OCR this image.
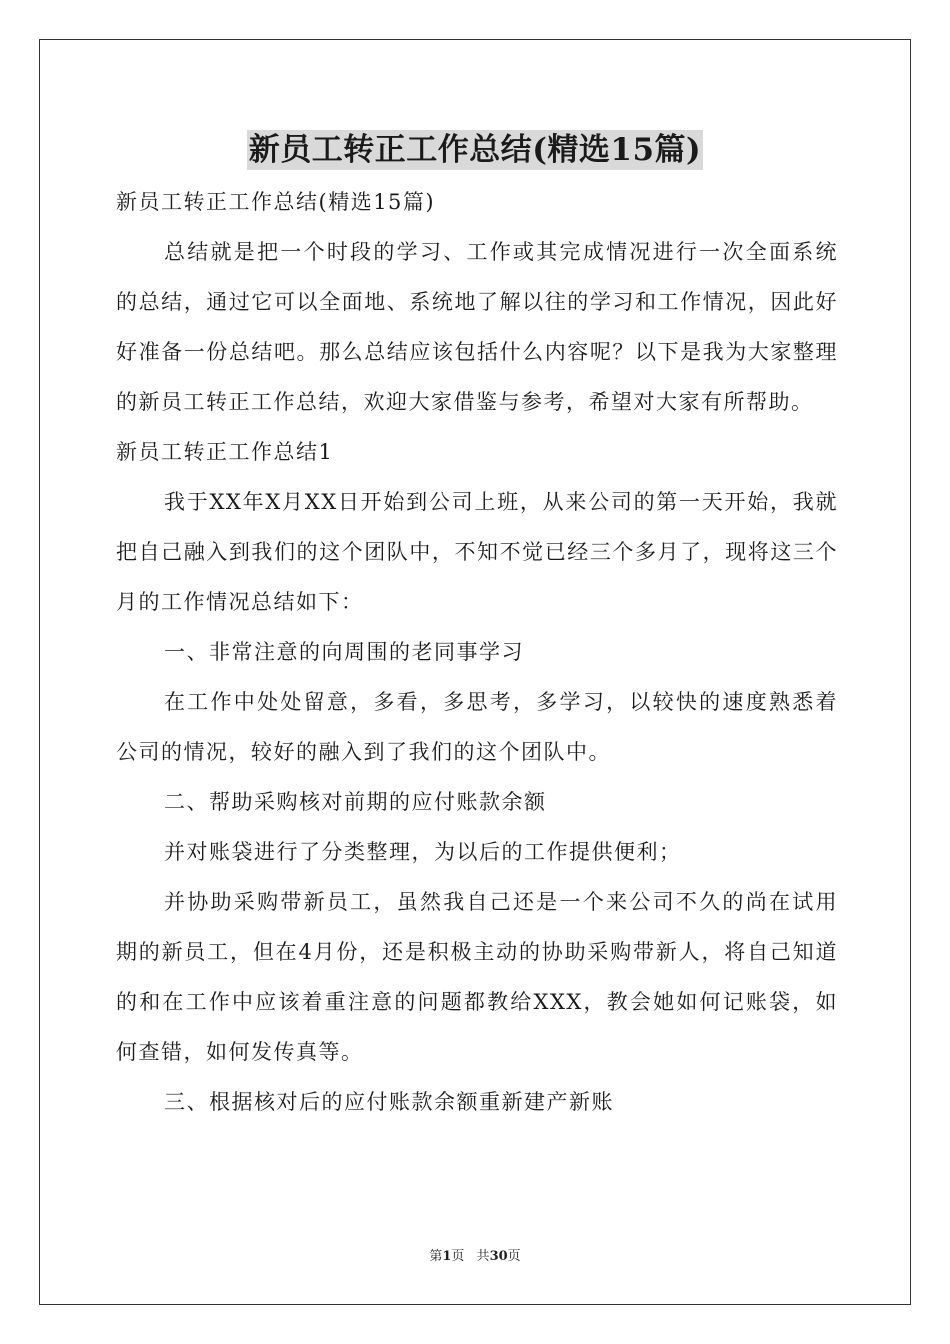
新员工转正工作总结(精选15篇)

新员工转正工作总结(精选15篇)

总结就是把一个时段的学习、工作或其完成情况进行一次全面系统的总结，通过它可以全面地、系统地了解以往的学习和工作情况，因此好好准备一份总结吧。那么总结应该包括什么内容呢？以下是我为大家整理的新员工转正工作总结，欢迎大家借鉴与参考，希望对大家有所帮助。

新员工转正工作总结1

我于XX年X月XX日开始到公司上班，从来公司的第一天开始，我就把自己融入到我们的这个团队中，不知不觉已经三个多月了，现将这三个月的工作情况总结如下：

一、非常注意的向周围的老同事学习

在工作中处处留意，多看，多思考，多学习，以较快的速度熟悉着公司的情况，较好的融入到了我们的这个团队中。

二、帮助采购核对前期的应付账款余额

并对账袋进行了分类整理，为以后的工作提供便利；

并协助采购带新员工，虽然我自己还是一个来公司不久的尚在试用期的新员工，但在4月份，还是积极主动的协助采购带新人，将自己知道的和在工作中应该着重注意的问题都教给XXX，教会她如何记账袋，如何查错，如何发传真等。

三、根据核对后的应付账款余额重新建产新账

第1页 共30页
